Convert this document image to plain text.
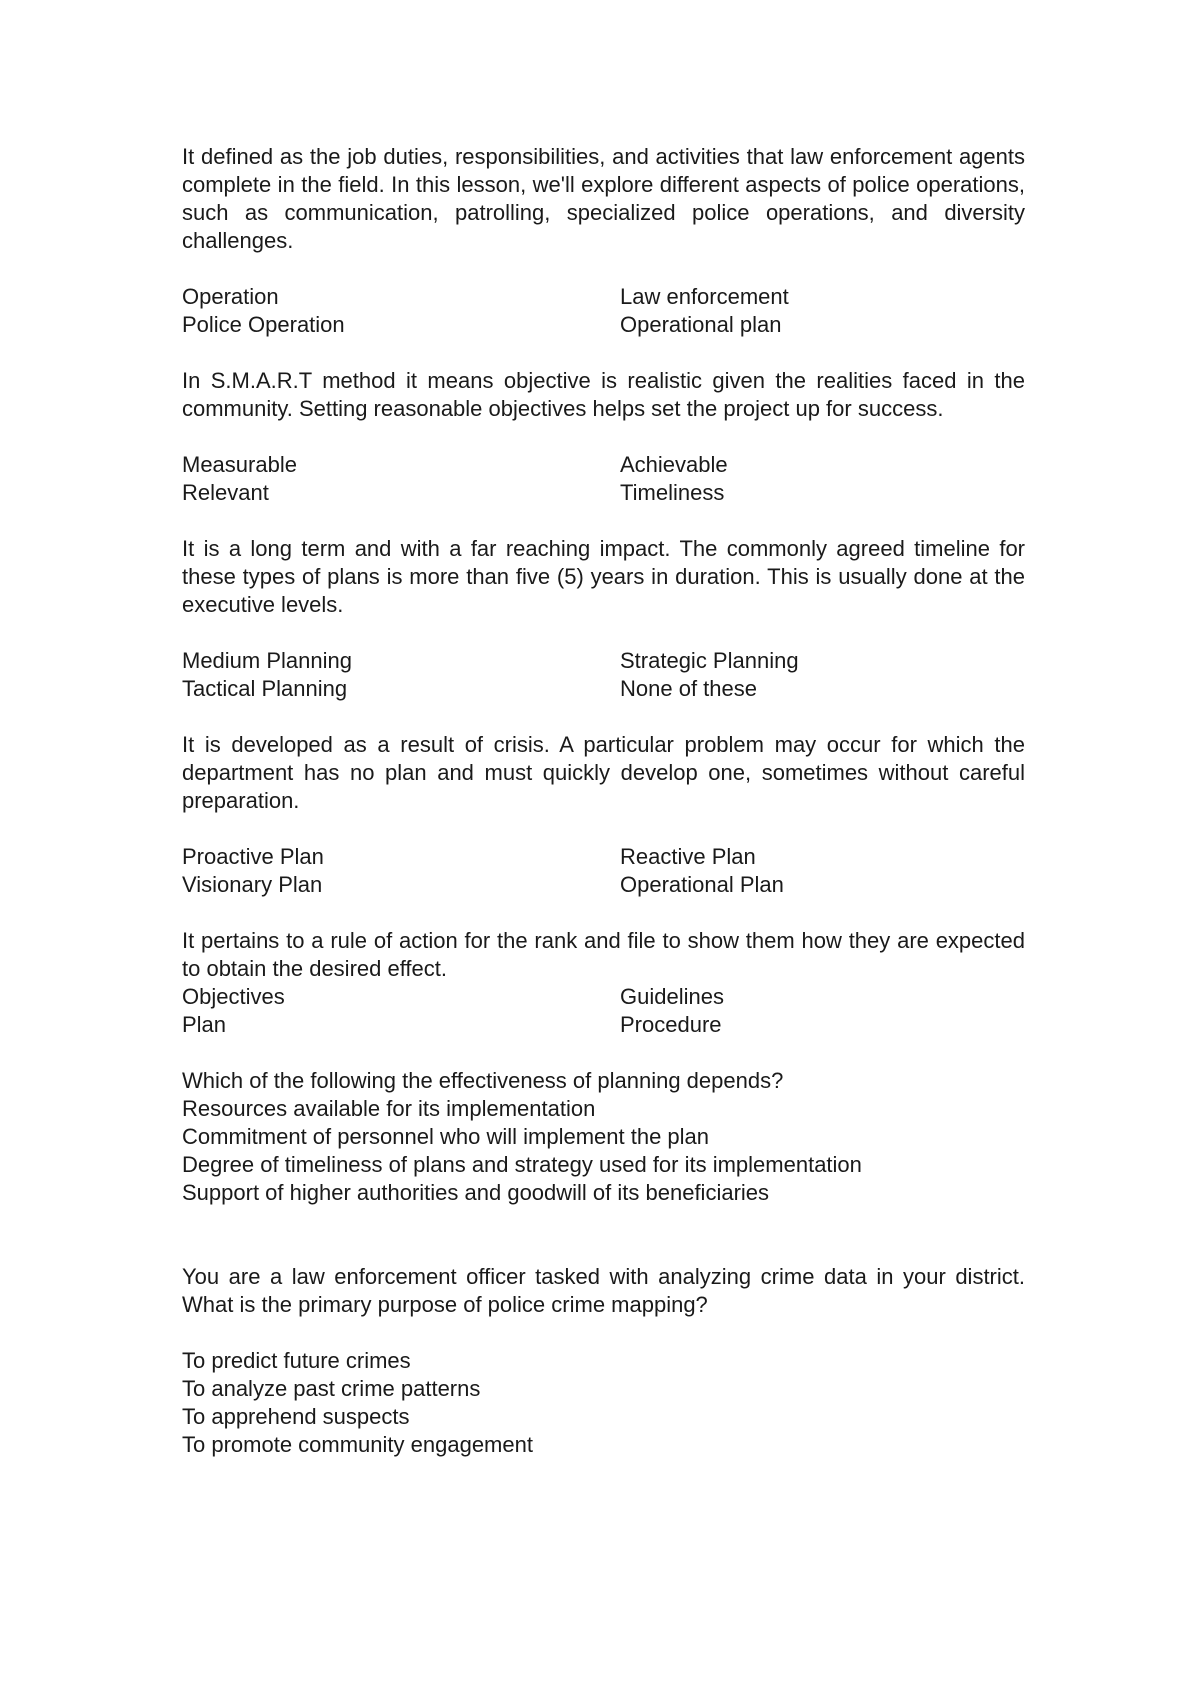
It defined as the job duties, responsibilities, and activities that law enforcement agents complete in the field. In this lesson, we'll explore different aspects of police operations, such as communication, patrolling, specialized police operations, and diversity challenges.

Operation	Law enforcement
Police Operation	Operational plan

In S.M.A.R.T method it means objective is realistic given the realities faced in the community. Setting reasonable objectives helps set the project up for success.

Measurable	Achievable
Relevant	Timeliness

It is a long term and with a far reaching impact. The commonly agreed timeline for these types of plans is more than five (5) years in duration. This is usually done at the executive levels.

Medium Planning	Strategic Planning
Tactical Planning	None of these

It is developed as a result of crisis. A particular problem may occur for which the department has no plan and must quickly develop one, sometimes without careful preparation.

Proactive Plan	Reactive Plan
Visionary Plan	Operational Plan

It pertains to a rule of action for the rank and file to show them how they are expected to obtain the desired effect.

Objectives	Guidelines
Plan	Procedure
Which of the following the effectiveness of planning depends?
Resources available for its implementation
Commitment of personnel who will implement the plan
Degree of timeliness of plans and strategy used for its implementation
Support of higher authorities and goodwill of its beneficiaries

You are a law enforcement officer tasked with analyzing crime data in your district. What is the primary purpose of police crime mapping?

To predict future crimes
To analyze past crime patterns
To apprehend suspects
To promote community engagement
